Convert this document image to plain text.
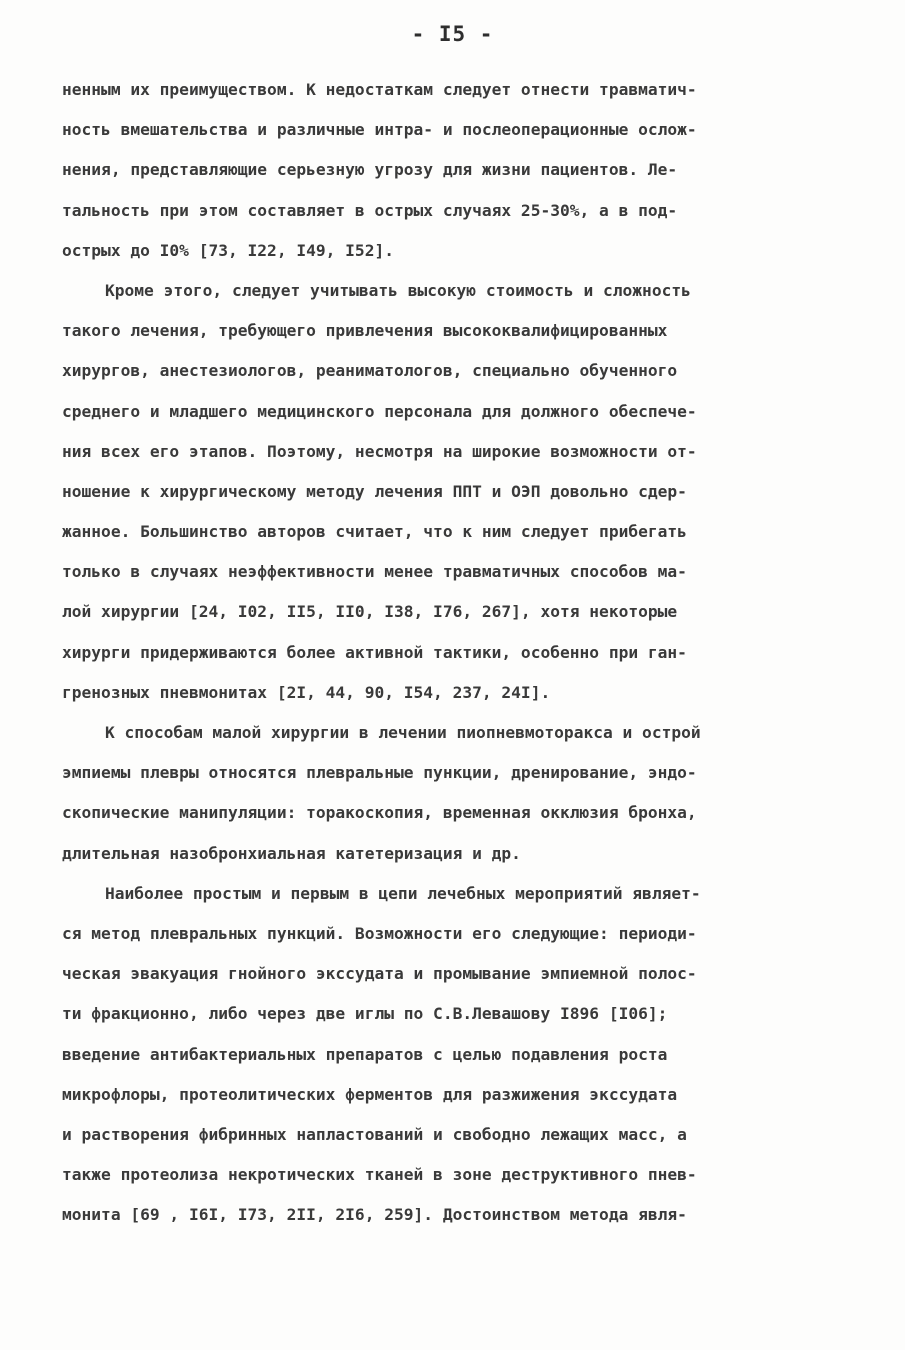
- I5 -
ненным их преимуществом. К недостаткам следует отнести травматич-
ность вмешательства и различные интра- и послеоперационные ослож-
нения, представляющие серьезную угрозу для жизни пациентов. Ле-
тальность при этом составляет в острых случаях 25-30%, а в под-
острых до I0% [73, I22, I49, I52].
Кроме этого, следует учитывать высокую стоимость и сложность
такого лечения, требующего привлечения высококвалифицированных
хирургов, анестезиологов, реаниматологов, специально обученного
среднего и младшего медицинского персонала для должного обеспече-
ния всех его этапов. Поэтому, несмотря на широкие возможности от-
ношение к хирургическому методу лечения ППТ и ОЭП довольно сдер-
жанное. Большинство авторов считает, что к ним следует прибегать
только в случаях неэффективности менее травматичных способов ма-
лой хирургии [24, I02, II5, II0, I38, I76, 267], хотя некоторые
хирурги придерживаются более активной тактики, особенно при ган-
гренозных пневмонитах [2I, 44, 90, I54, 237, 24I].
К способам малой хирургии в лечении пиопневмоторакса и острой
эмпиемы плевры относятся плевральные пункции, дренирование, эндо-
скопические манипуляции: торакоскопия, временная окклюзия бронха,
длительная назобронхиальная катетеризация и др.
Наиболее простым и первым в цепи лечебных мероприятий являет-
ся метод плевральных пункций. Возможности его следующие: периоди-
ческая эвакуация гнойного экссудата и промывание эмпиемной полос-
ти фракционно, либо через две иглы по С.В.Левашову I896 [I06];
введение антибактериальных препаратов с целью подавления роста
микрофлоры, протеолитических ферментов для разжижения экссудата
и растворения фибринных напластований и свободно лежащих масс, а
также протеолиза некротических тканей в зоне деструктивного пнев-
монита [69 , I6I, I73, 2II, 2I6, 259]. Достоинством метода явля-
